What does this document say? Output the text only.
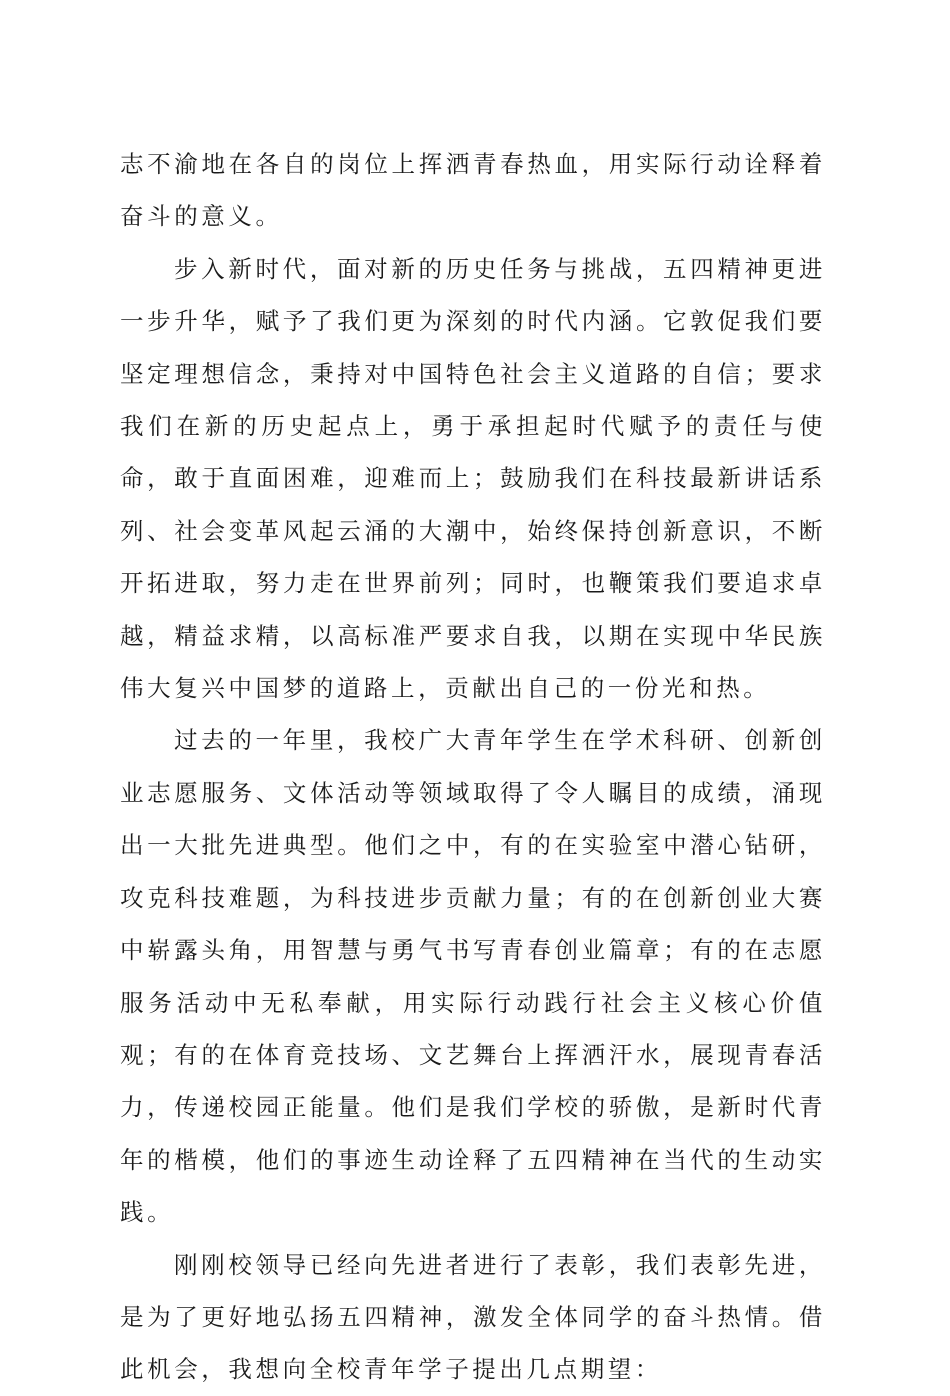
志不渝地在各自的岗位上挥洒青春热血，用实际行动诠释着奋斗的意义。

步入新时代，面对新的历史任务与挑战，五四精神更进一步升华，赋予了我们更为深刻的时代内涵。它敦促我们要坚定理想信念，秉持对中国特色社会主义道路的自信；要求我们在新的历史起点上，勇于承担起时代赋予的责任与使命，敢于直面困难，迎难而上；鼓励我们在科技最新讲话系列、社会变革风起云涌的大潮中，始终保持创新意识，不断开拓进取，努力走在世界前列；同时，也鞭策我们要追求卓越，精益求精，以高标准严要求自我，以期在实现中华民族伟大复兴中国梦的道路上，贡献出自己的一份光和热。

过去的一年里，我校广大青年学生在学术科研、创新创业志愿服务、文体活动等领域取得了令人瞩目的成绩，涌现出一大批先进典型。他们之中，有的在实验室中潜心钻研，攻克科技难题，为科技进步贡献力量；有的在创新创业大赛中崭露头角，用智慧与勇气书写青春创业篇章；有的在志愿服务活动中无私奉献，用实际行动践行社会主义核心价值观；有的在体育竞技场、文艺舞台上挥洒汗水，展现青春活力，传递校园正能量。他们是我们学校的骄傲，是新时代青年的楷模，他们的事迹生动诠释了五四精神在当代的生动实践。

刚刚校领导已经向先进者进行了表彰，我们表彰先进，是为了更好地弘扬五四精神，激发全体同学的奋斗热情。借此机会，我想向全校青年学子提出几点期望：
